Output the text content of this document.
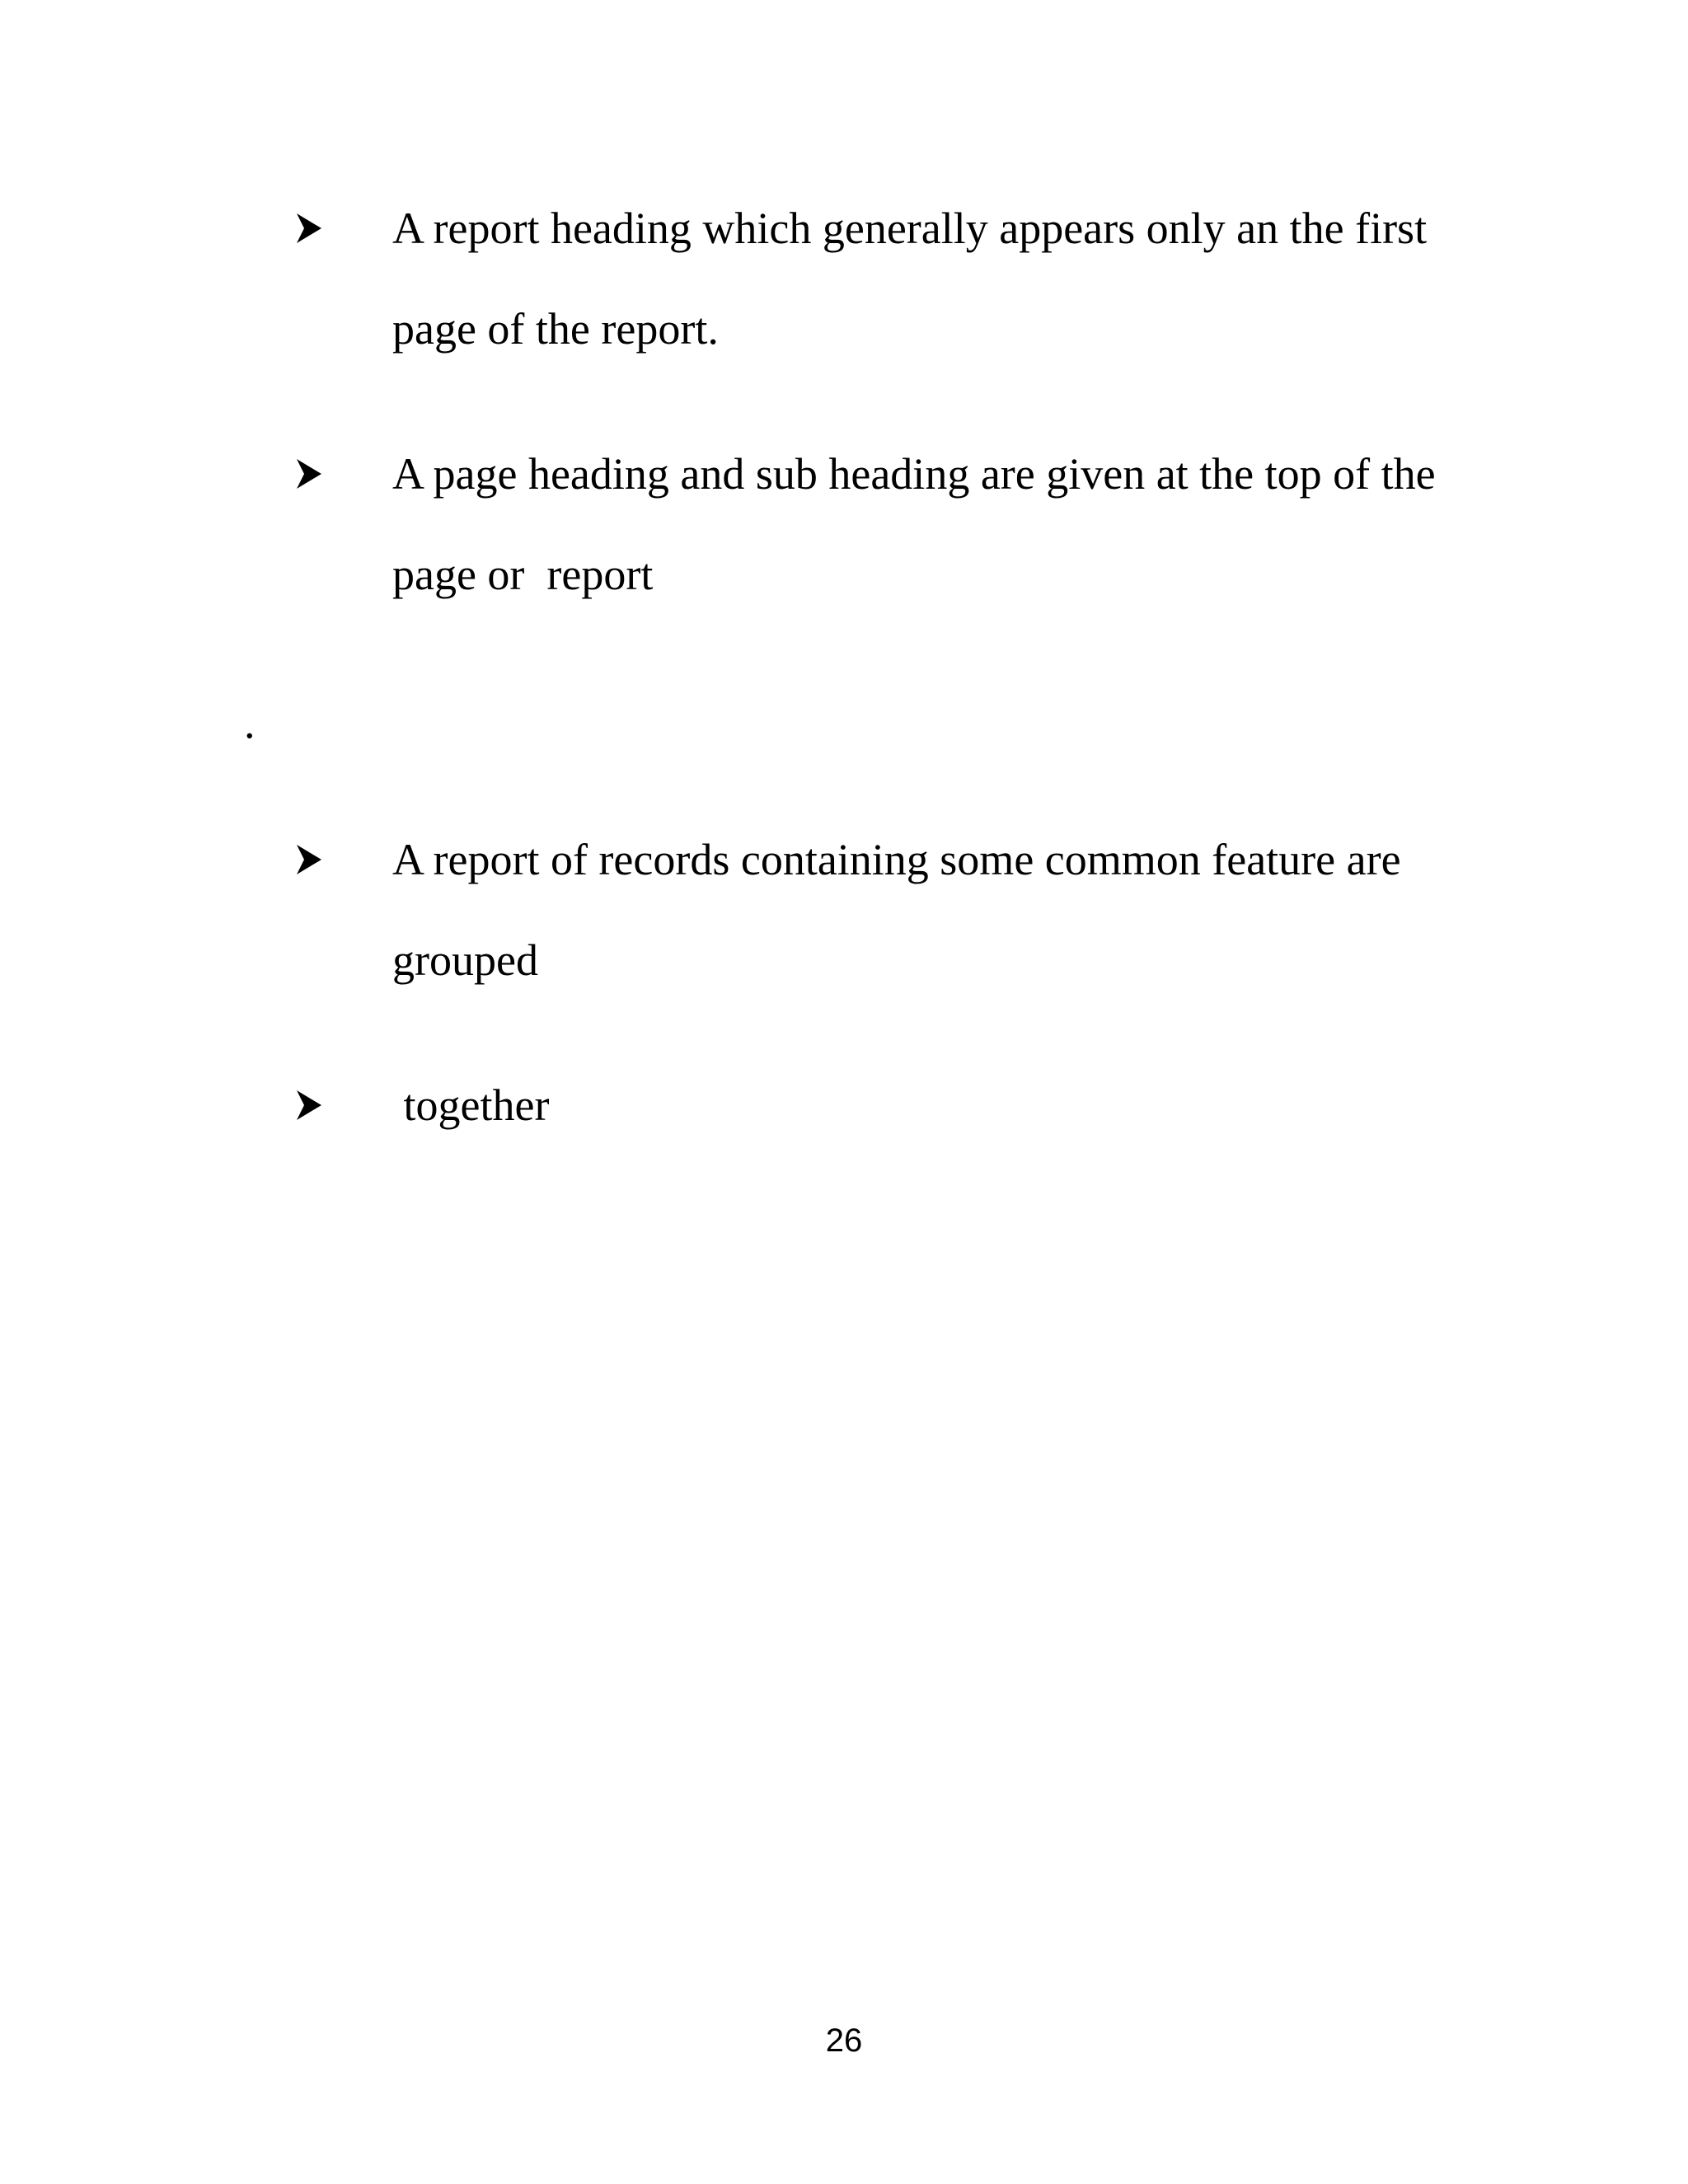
A report heading which generally appears only an the first
page of the report.
A page heading and sub heading are given at the top of the
page or  report
.
A report of records containing some common feature are
grouped
together
26
